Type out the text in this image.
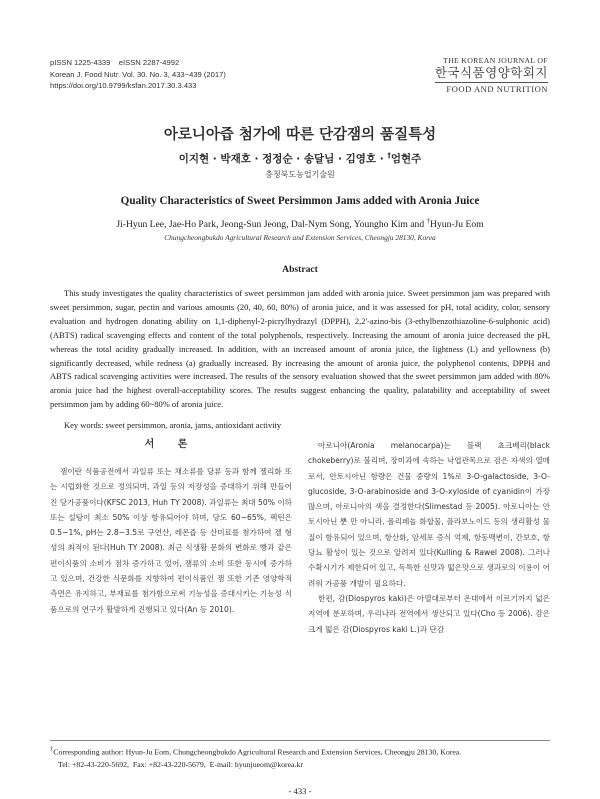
pISSN 1225-4339    eISSN 2287-4992
Korean J. Food Nutr. Vol. 30. No. 3, 433~439 (2017)
https://doi.org/10.9799/ksfan.2017.30.3.433
THE KOREAN JOURNAL OF
한국식품영양학회지
FOOD AND NUTRITION
아로니아즙 첨가에 따른 단감잼의 품질특성
이지현 · 박재호 · 정정순 · 송달님 · 김영호 · †엄현주
충청북도농업기술원
Quality Characteristics of Sweet Persimmon Jams added with Aronia Juice
Ji-Hyun Lee, Jae-Ho Park, Jeong-Sun Jeong, Dal-Nym Song, Youngho Kim and †Hyun-Ju Eom
Chungcheongbukdo Agricultural Research and Extension Services, Cheongju 28130, Korea
Abstract

This study investigates the quality characteristics of sweet persimmon jam added with aronia juice. Sweet persimmon jam was prepared with sweet persimmon, sugar, pectin and various amounts (20, 40, 60, 80%) of aronia juice, and it was assessed for pH, total acidity, color, sensory evaluation and hydrogen donating ability on 1,1-diphenyl-2-picrylhydrazyl (DPPH), 2,2'-azino-bis (3-ethylbenzothiazoline-6-sulphonic acid) (ABTS) radical scavenging effects and content of the total polyphenols, respectively. Increasing the amount of aronia juice decreased the pH, whereas the total acidity gradually increased. In addition, with an increased amount of aronia juice, the lightness (L) and yellowness (b) significantly decreased, while redness (a) gradually increased. By increasing the amount of aronia juice, the polyphenol contents, DPPH and ABTS radical scavenging activities were increased. The results of the sensory evaluation showed that the sweet persimmon jam added with 80% aronia juice had the highest overall-acceptability scores. The results suggest enhancing the quality, palatability and acceptability of sweet persimmon jam by adding 60~80% of aronia juice.

Key words: sweet persimmon, aronia, jams, antioxidant activity
서 론

잼이란 식품공전에서 과일류 또는 채소류를 당류 등과 함께 젤리화 또는 시럽화한 것으로 정의되며, 과일 등의 저장성을 증대하기 위해 만들어진 당가공품이다(KFSC 2013, Huh TY 2008). 과일류는 최대 50% 이하 또는 설탕이 최소 50% 이상 함유되어야 하며, 당도 60~65%, 펙틴은 0.5~1%, pH는 2.8~3.5로 구연산, 레몬즙 등 산미료를 첨가하여 겔 형성의 최적이 된다(Huh TY 2008). 최근 식생활 문화의 변화로 빵과 같은 편이식품의 소비가 점차 증가하고 있어, 잼류의 소비 또한 동시에 증가하고 있으며, 건강한 식문화를 지향하여 편이식품인 잼 또한 기존 영양학적 측면은 유지하고, 부재료를 첨가함으로써 기능성을 증대시키는 기능성 식품으로의 연구가 활발하게 진행되고 있다(An 등 2010).

아로니아(Aronia melanocarpa)는 블랙 쵸크베리(black chokeberry)로 불리며, 장미과에 속하는 낙엽관목으로 검은 자색의 열매로서, 안토시아닌 함량은 건물 중량의 1%로 3-O-galactoside, 3-O-glucoside, 3-O-arabinoside and 3-O-xyloside of cyanidin이 가장 많으며, 아로니아의 색을 결정한다(Slimestad 등 2005). 아로니아는 안토시아닌 뿐 만 아니라, 폴리페놀 화합물, 플라보노이드 등의 생리활성 물질이 함유되어 있으며, 항산화, 암세포 증식 억제, 항동맥변이, 간보호, 항당뇨 활성이 있는 것으로 알려져 있다(Kulling & Rawel 2008). 그러나 수확시기가 제한되어 있고, 독특한 신맛과 떫은맛으로 생과로의 이용이 어려워 가공품 개발이 필요하다.

한편, 감(Diospyros kaki)은 아열대로부터 온대에서 이르기까지 넓은 지역에 분포하며, 우리나라 전역에서 생산되고 있다(Cho 등 2006). 감은 크게 떫은 감(Diospyros kaki L.)과 단감

†Corresponding author: Hyun-Ju Eom, Chungcheongbukdo Agricultural Research and Extension Services, Cheongju 28130, Korea.
Tel: +82-43-220-5692,  Fax: +82-43-220-5679,  E-mail: hyunjueom@korea.kr
- 433 -
